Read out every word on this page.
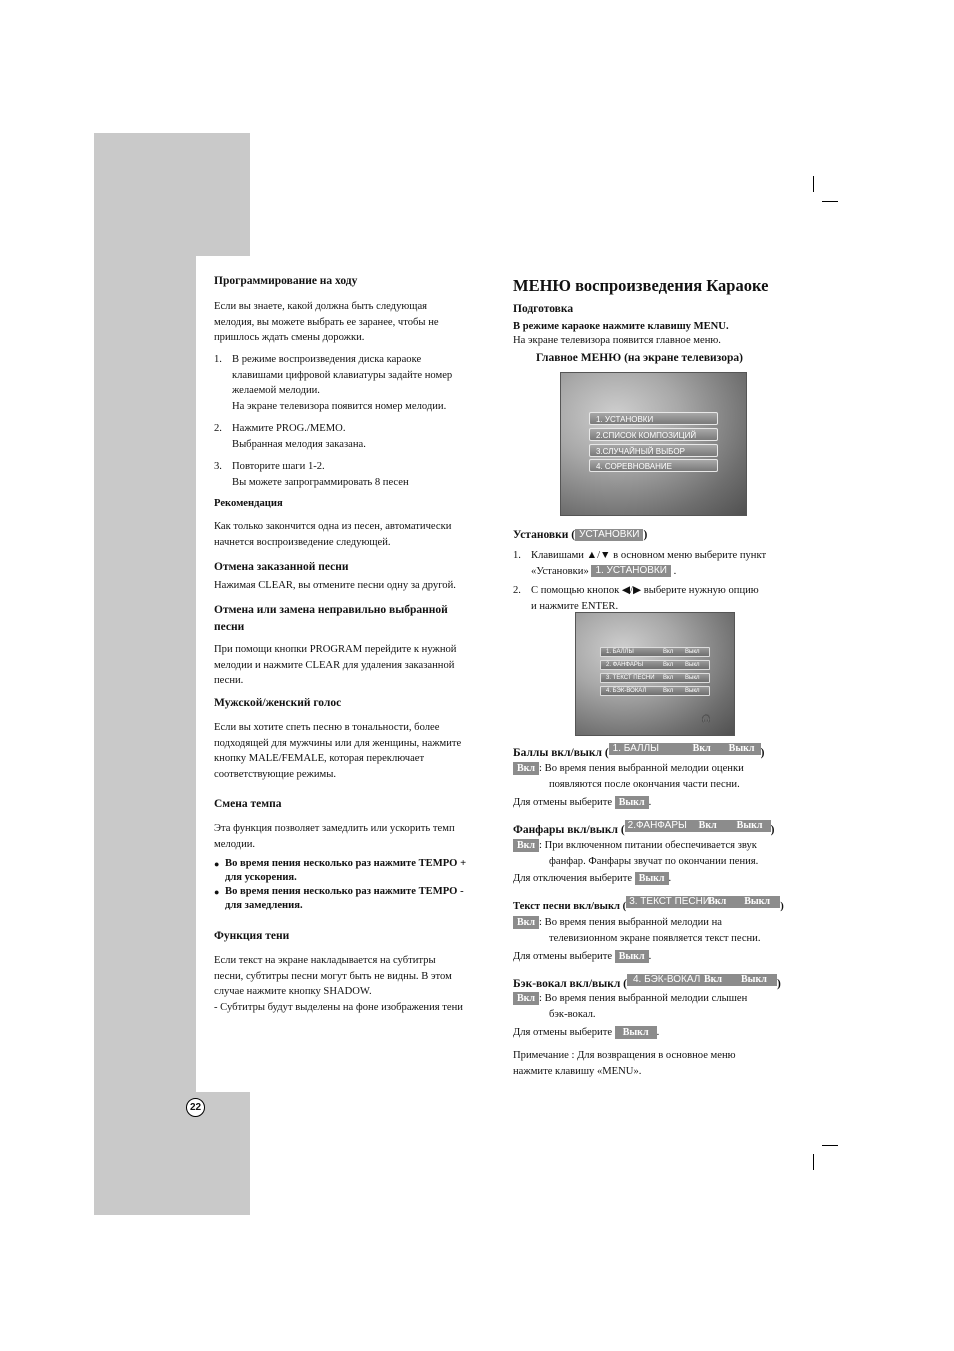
22
Программирование на ходу
Если вы знаете, какой должна быть следующая
мелодия, вы можете выбрать ее заранее, чтобы не
пришлось ждать смены дорожки.
1. В режиме воспроизведения диска караоке
клавишами цифровой клавиатуры задайте номер
желаемой мелодии.
На экране телевизора появится номер мелодии.
2. Нажмите PROG./MEMO.
Выбранная мелодия заказана.
3. Повторите шаги 1-2.
Вы можете запрограммировать 8 песен
Рекомендация
Как только закончится одна из песен, автоматически
начнется воспроизведение следующей.
Отмена заказанной песни
Нажимая CLEAR, вы отмените песни одну за другой.
Отмена или замена неправильно выбранной
песни
При помощи кнопки PROGRAM перейдите к нужной
мелодии и нажмите CLEAR для удаления заказанной
песни.
Мужской/женский голос
Если вы хотите спеть песню в тональности, более
подходящей для мужчины или для женщины, нажмите
кнопку MALE/FEMALE, которая переключает
соответствующие режимы.
Смена темпа
Эта функция позволяет замедлить или ускорить темп
мелодии.
● Во время пения несколько раз нажмите TEMPO +
для ускорения.
● Во время пения несколько раз нажмите TEMPO -
для замедления.
Функция тени
Если текст на экране накладывается на субтитры
песни, субтитры песни могут быть не видны. В этом
случае нажмите кнопку SHADOW.
- Субтитры будут выделены на фоне изображения тени
МЕНЮ воспроизведения Караоке
Подготовка
В режиме караоке нажмите клавишу MENU.
На экране телевизора появится главное меню.
Главное МЕНЮ (на экране телевизора)
1. УСТАНОВКИ
2.СПИСОК КОМПОЗИЦИЙ
3.СЛУЧАЙНЫЙ ВЫБОР
4. СОРЕВНОВАНИЕ
Установки ( УСТАНОВКИ )
1. Клавишами ▲/▼ в основном меню выберите пункт
«Установки» 1. УСТАНОВКИ .
2. С помощью кнопок ◀/▶ выберите нужную опцию
и нажмите ENTER.
1. БАЛЛЫ	Вкл Выкл
2. ФАНФАРЫ	Вкл Выкл
3. ТЕКСТ ПЕСНИ Вкл Выкл
4. БЭК-ВОКАЛ	Вкл Выкл
🎧
Баллы вкл/выкл ( 1. БАЛЛЫ	Вкл Выкл )
Вкл : Во время пения выбранной мелодии оценки
появляются после окончания части песни.
Для отмены выберите Выкл .
Фанфары вкл/выкл ( 2.ФАНФАРЫ Вкл Выкл )
Вкл : При включенном питании обеспечивается звук
фанфар. Фанфары звучат по окончании пения.
Для отключения выберите Выкл .
Текст песни вкл/выкл ( 3. ТЕКСТ ПЕСНИ
Вкл Выкл )
Вкл : Во время пения выбранной мелодии на
телевизионном экране появляется текст песни.
Для отмены выберите Выкл .
Бэк-вокал вкл/выкл ( 4. БЭК-ВОКАЛ Вкл Выкл )
Вкл : Во время пения выбранной мелодии слышен
бэк-вокал.
Для отмены выберите Выкл .
Примечание : Для возвращения в основное меню
нажмите клавишу «MENU».
